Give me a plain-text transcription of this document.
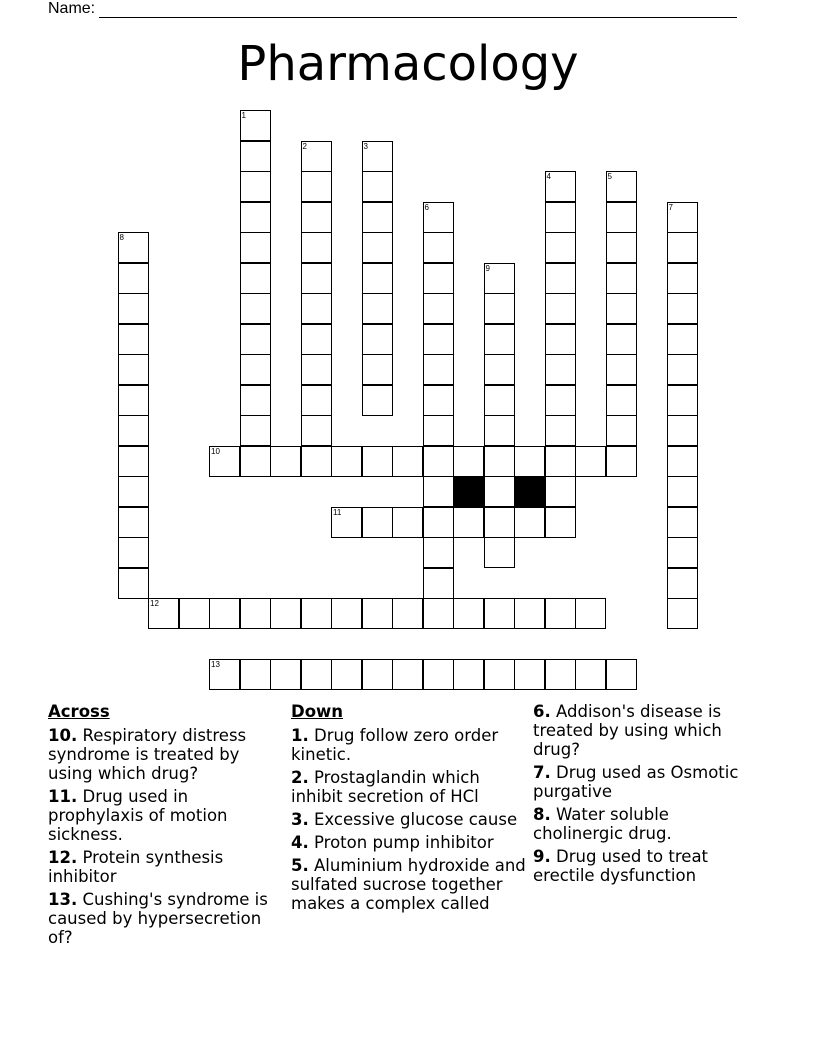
Name:
Pharmacology
1
2	3
4	5
6	7
8
9
10
11
12
13
Across
10. Respiratory distress syndrome is treated by using which drug?
11. Drug used in prophylaxis of motion sickness.
12. Protein synthesis inhibitor
13. Cushing's syndrome is caused by hypersecretion of?
Down
1. Drug follow zero order kinetic.
2. Prostaglandin which inhibit secretion of HCl
3. Excessive glucose cause
4. Proton pump inhibitor
5. Aluminium hydroxide and sulfated sucrose together makes a complex called
6. Addison's disease is treated by using which drug?
7. Drug used as Osmotic purgative
8. Water soluble cholinergic drug.
9. Drug used to treat erectile dysfunction
